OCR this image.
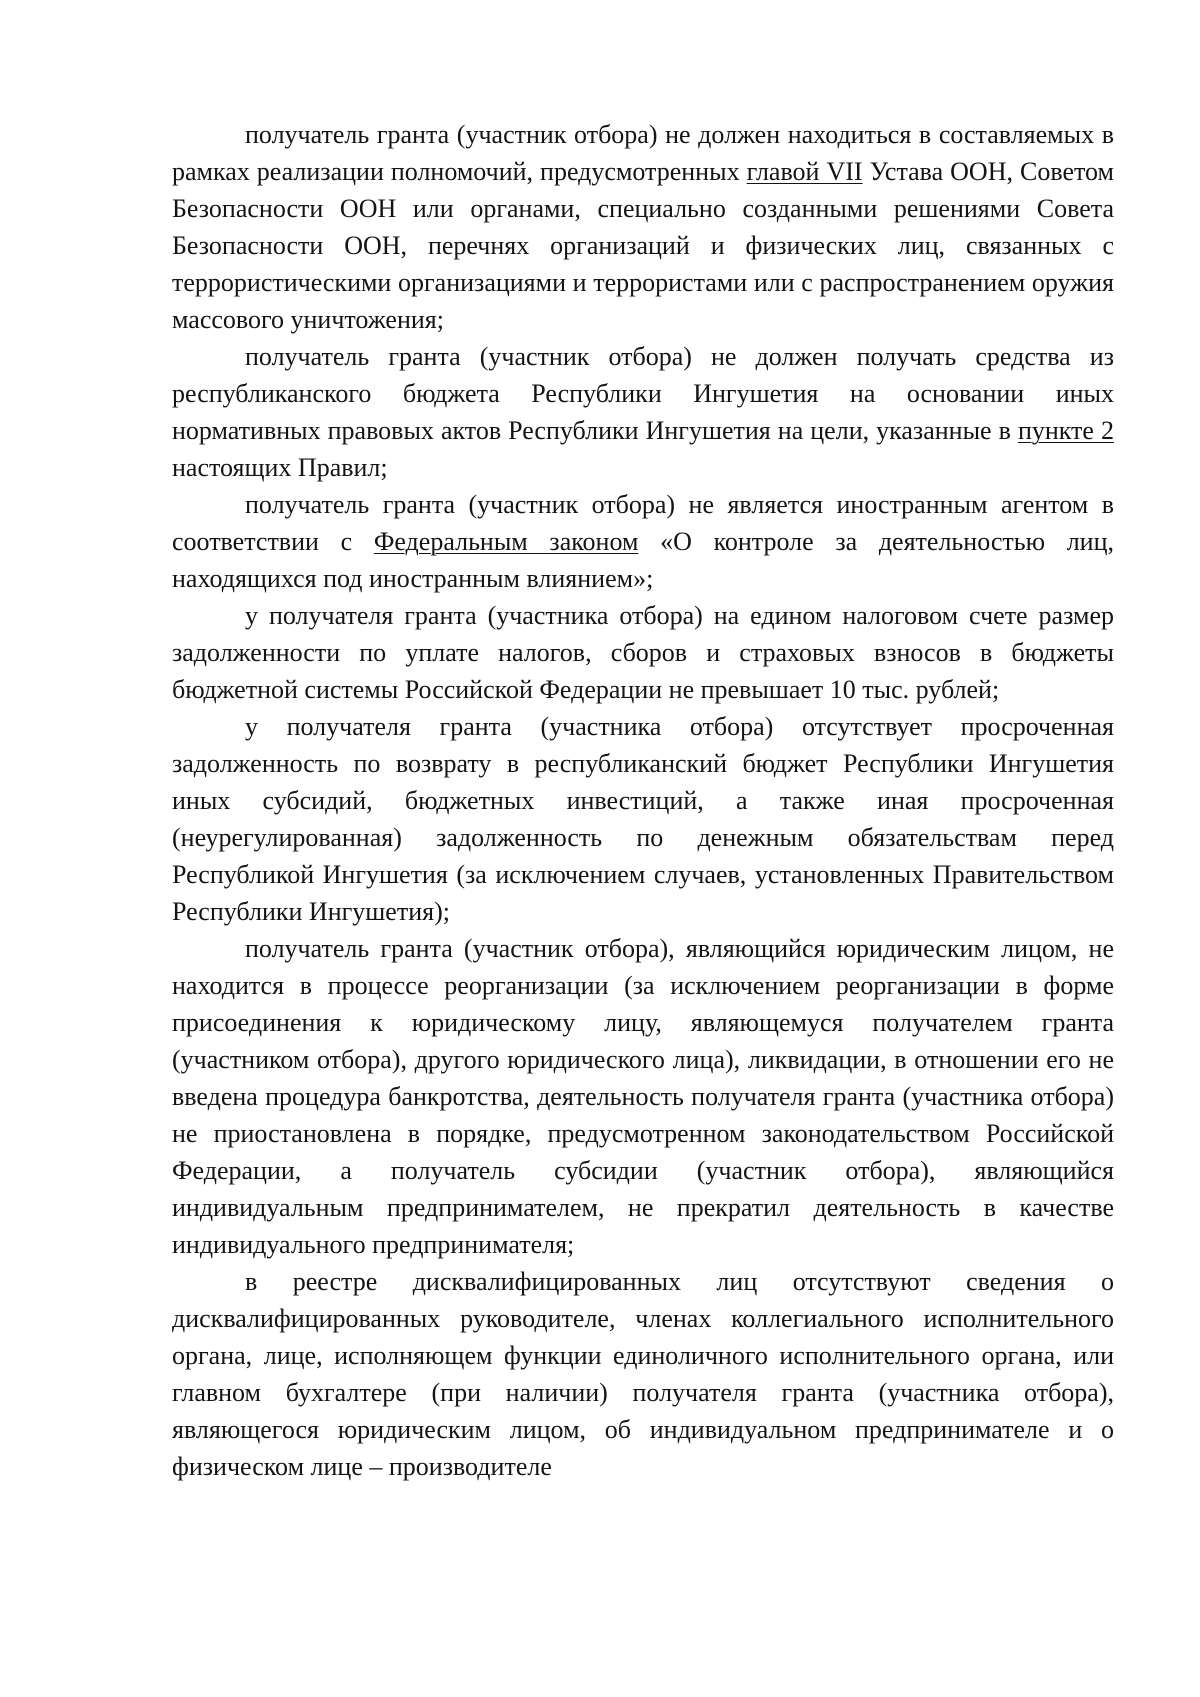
получатель гранта (участник отбора) не должен находиться в составляемых в рамках реализации полномочий, предусмотренных главой VII Устава ООН, Советом Безопасности ООН или органами, специально созданными решениями Совета Безопасности ООН, перечнях организаций и физических лиц, связанных с террористическими организациями и террористами или с распространением оружия массового уничтожения;

получатель гранта (участник отбора) не должен получать средства из республиканского бюджета Республики Ингушетия на основании иных нормативных правовых актов Республики Ингушетия на цели, указанные в пункте 2 настоящих Правил;

получатель гранта (участник отбора) не является иностранным агентом в соответствии с Федеральным законом «О контроле за деятельностью лиц, находящихся под иностранным влиянием»;

у получателя гранта (участника отбора) на едином налоговом счете размер задолженности по уплате налогов, сборов и страховых взносов в бюджеты бюджетной системы Российской Федерации не превышает 10 тыс. рублей;

у получателя гранта (участника отбора) отсутствует просроченная задолженность по возврату в республиканский бюджет Республики Ингушетия иных субсидий, бюджетных инвестиций, а также иная просроченная (неурегулированная) задолженность по денежным обязательствам перед Республикой Ингушетия (за исключением случаев, установленных Правительством Республики Ингушетия);

получатель гранта (участник отбора), являющийся юридическим лицом, не находится в процессе реорганизации (за исключением реорганизации в форме присоединения к юридическому лицу, являющемуся получателем гранта (участником отбора), другого юридического лица), ликвидации, в отношении его не введена процедура банкротства, деятельность получателя гранта (участника отбора) не приостановлена в порядке, предусмотренном законодательством Российской Федерации, а получатель субсидии (участник отбора), являющийся индивидуальным предпринимателем, не прекратил деятельность в качестве индивидуального предпринимателя;

в реестре дисквалифицированных лиц отсутствуют сведения о дисквалифицированных руководителе, членах коллегиального исполнительного органа, лице, исполняющем функции единоличного исполнительного органа, или главном бухгалтере (при наличии) получателя гранта (участника отбора), являющегося юридическим лицом, об индивидуальном предпринимателе и о физическом лице – производителе
